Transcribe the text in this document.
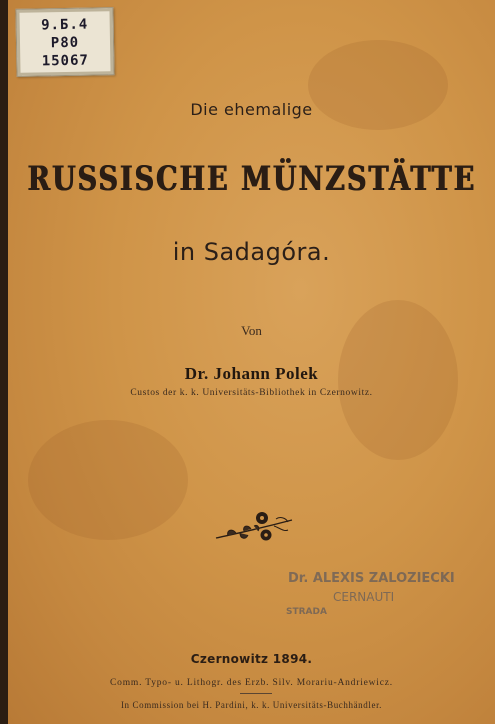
9.Б.4
P80
15067
Die ehemalige
RUSSISCHE MÜNZSTÄTTE
in Sadagóra.
Von
Dr. Johann Polek
Custos der k. k. Universitäts-Bibliothek in Czernowitz.
Dr. ALEXIS ZALOZIECKI
CERNAUTI
STRADA
Czernowitz 1894.
Comm. Typo- u. Lithogr. des Erzb. Silv. Morariu-Andriewicz.
In Commission bei H. Pardini, k. k. Universitäts-Buchhändler.
